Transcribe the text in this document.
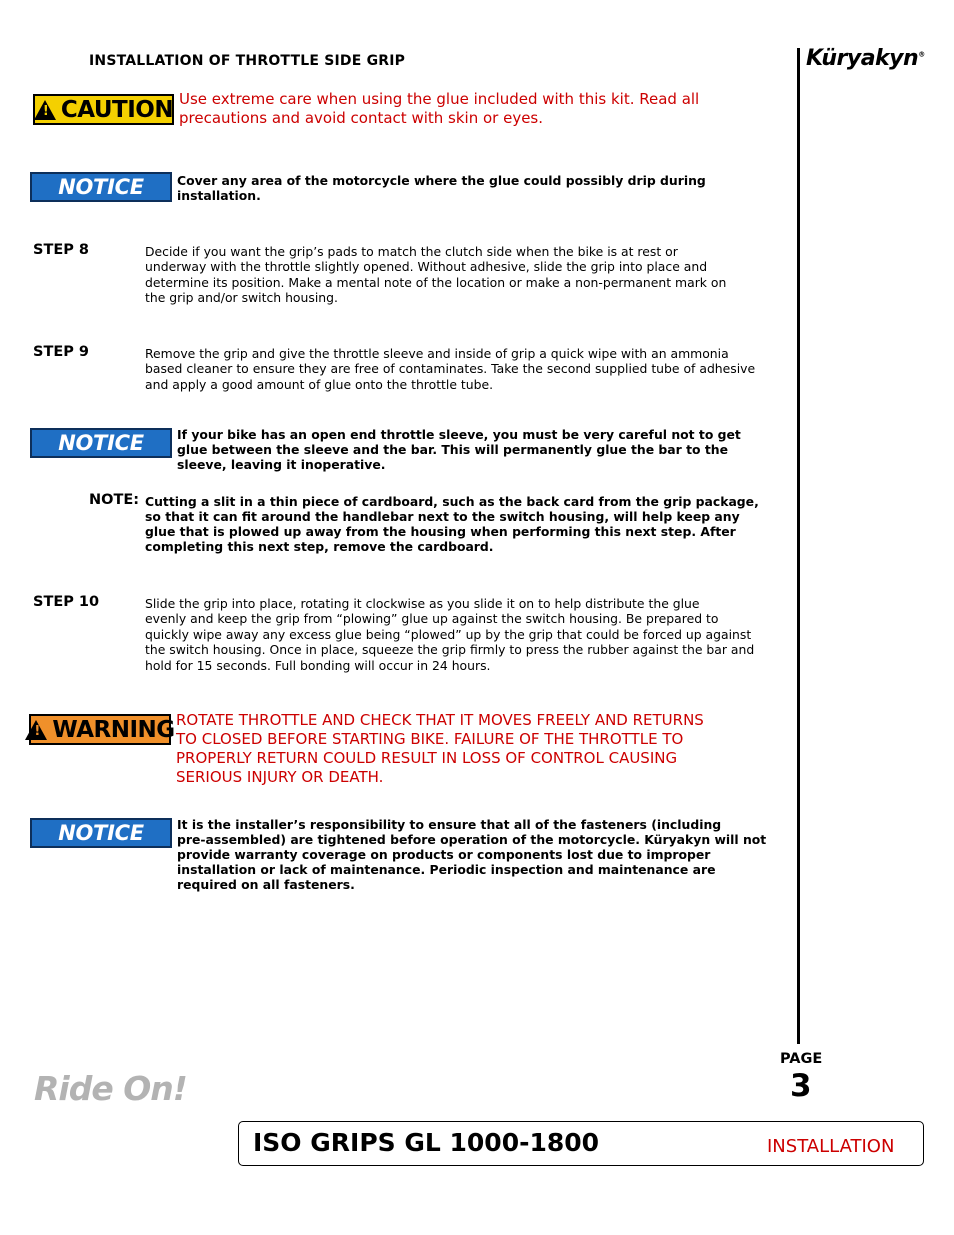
INSTALLATION OF THROTTLE SIDE GRIP	Küryakyn®
! CAUTION Use extreme care when using the glue included with this kit. Read all
precautions and avoid contact with skin or eyes.
NOTICE	Cover any area of the motorcycle where the glue could possibly drip during
installation.
STEP 8	Decide if you want the grip’s pads to match the clutch side when the bike is at rest or
underway with the throttle slightly opened. Without adhesive, slide the grip into place and
determine its position. Make a mental note of the location or make a non-permanent mark on
the grip and/or switch housing.
STEP 9	Remove the grip and give the throttle sleeve and inside of grip a quick wipe with an ammonia
based cleaner to ensure they are free of contaminates. Take the second supplied tube of adhesive
and apply a good amount of glue onto the throttle tube.
NOTICE	If your bike has an open end throttle sleeve, you must be very careful not to get
glue between the sleeve and the bar. This will permanently glue the bar to the
sleeve, leaving it inoperative.
NOTE: Cutting a slit in a thin piece of cardboard, such as the back card from the grip package,
so that it can fit around the handlebar next to the switch housing, will help keep any
glue that is plowed up away from the housing when performing this next step. After
completing this next step, remove the cardboard.
STEP 10	Slide the grip into place, rotating it clockwise as you slide it on to help distribute the glue
evenly and keep the grip from “plowing” glue up against the switch housing. Be prepared to
quickly wipe away any excess glue being “plowed” up by the grip that could be forced up against
the switch housing. Once in place, squeeze the grip firmly to press the rubber against the bar and
hold for 15 seconds. Full bonding will occur in 24 hours.
! WARNING ROTATE THROTTLE AND CHECK THAT IT MOVES FREELY AND RETURNS
TO CLOSED BEFORE STARTING BIKE. FAILURE OF THE THROTTLE TO
PROPERLY RETURN COULD RESULT IN LOSS OF CONTROL CAUSING
SERIOUS INJURY OR DEATH.
NOTICE	It is the installer’s responsibility to ensure that all of the fasteners (including
pre-assembled) are tightened before operation of the motorcycle. Küryakyn will not
provide warranty coverage on products or components lost due to improper
installation or lack of maintenance. Periodic inspection and maintenance are
required on all fasteners.
PAGE
3
Ride On!
ISO GRIPS GL 1000-1800	INSTALLATION
